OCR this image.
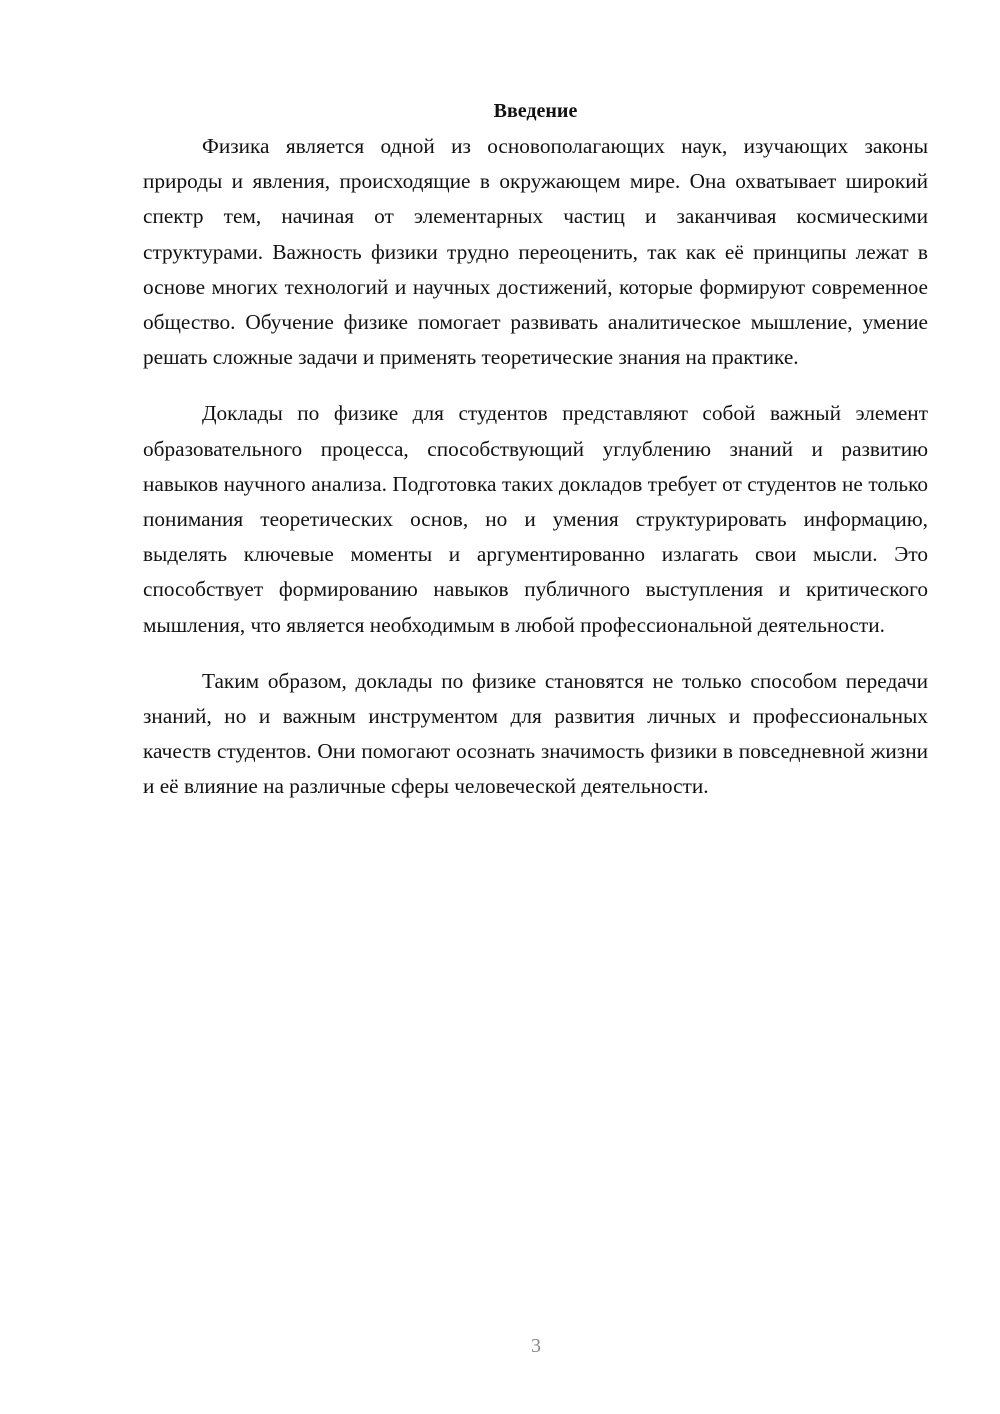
Введение

Физика является одной из основополагающих наук, изучающих законы природы и явления, происходящие в окружающем мире. Она охватывает широкий спектр тем, начиная от элементарных частиц и заканчивая космическими структурами. Важность физики трудно переоценить, так как её принципы лежат в основе многих технологий и научных достижений, которые формируют современное общество. Обучение физике помогает развивать аналитическое мышление, умение решать сложные задачи и применять теоретические знания на практике.

Доклады по физике для студентов представляют собой важный элемент образовательного процесса, способствующий углублению знаний и развитию навыков научного анализа. Подготовка таких докладов требует от студентов не только понимания теоретических основ, но и умения структурировать информацию, выделять ключевые моменты и аргументированно излагать свои мысли. Это способствует формированию навыков публичного выступления и критического мышления, что является необходимым в любой профессиональной деятельности.

Таким образом, доклады по физике становятся не только способом передачи знаний, но и важным инструментом для развития личных и профессиональных качеств студентов. Они помогают осознать значимость физики в повседневной жизни и её влияние на различные сферы человеческой деятельности.

3
